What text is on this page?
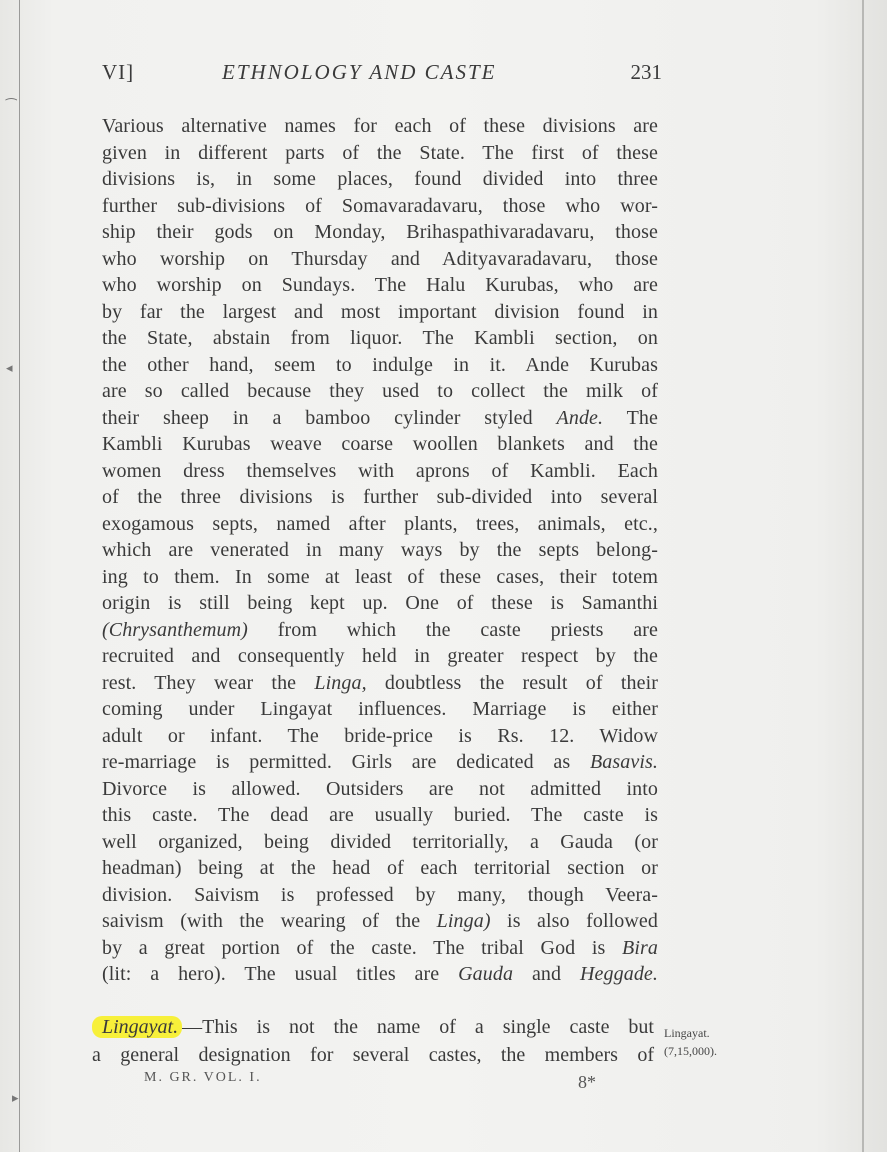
⁀
◂
▸
VI]	ETHNOLOGY AND CASTE	231
Various alternative names for each of these divisions are
given in different parts of the State. The first of these
divisions is, in some places, found divided into three
further sub-divisions of Somavaradavaru, those who wor-
ship their gods on Monday, Brihaspathivaradavaru, those
who worship on Thursday and Adityavaradavaru, those
who worship on Sundays. The Halu Kurubas, who are
by far the largest and most important division found in
the State, abstain from liquor. The Kambli section, on
the other hand, seem to indulge in it. Ande Kurubas
are so called because they used to collect the milk of
their sheep in a bamboo cylinder styled Ande. The
Kambli Kurubas weave coarse woollen blankets and the
women dress themselves with aprons of Kambli. Each
of the three divisions is further sub-divided into several
exogamous septs, named after plants, trees, animals, etc.,
which are venerated in many ways by the septs belong-
ing to them. In some at least of these cases, their totem
origin is still being kept up. One of these is Samanthi
(Chrysanthemum) from which the caste priests are
recruited and consequently held in greater respect by the
rest. They wear the Linga, doubtless the result of their
coming under Lingayat influences. Marriage is either
adult or infant. The bride-price is Rs. 12. Widow
re-marriage is permitted. Girls are dedicated as Basavis.
Divorce is allowed. Outsiders are not admitted into
this caste. The dead are usually buried. The caste is
well organized, being divided territorially, a Gauda (or
headman) being at the head of each territorial section or
division. Saivism is professed by many, though Veera-
saivism (with the wearing of the Linga) is also followed
by a great portion of the caste. The tribal God is Bira
(lit: a hero). The usual titles are Gauda and Heggade.
Lingayat. —This is not the name of a single caste but
a general designation for several castes, the members of
Lingayat.
(7,15,000).
M. GR. VOL. I.	8*
